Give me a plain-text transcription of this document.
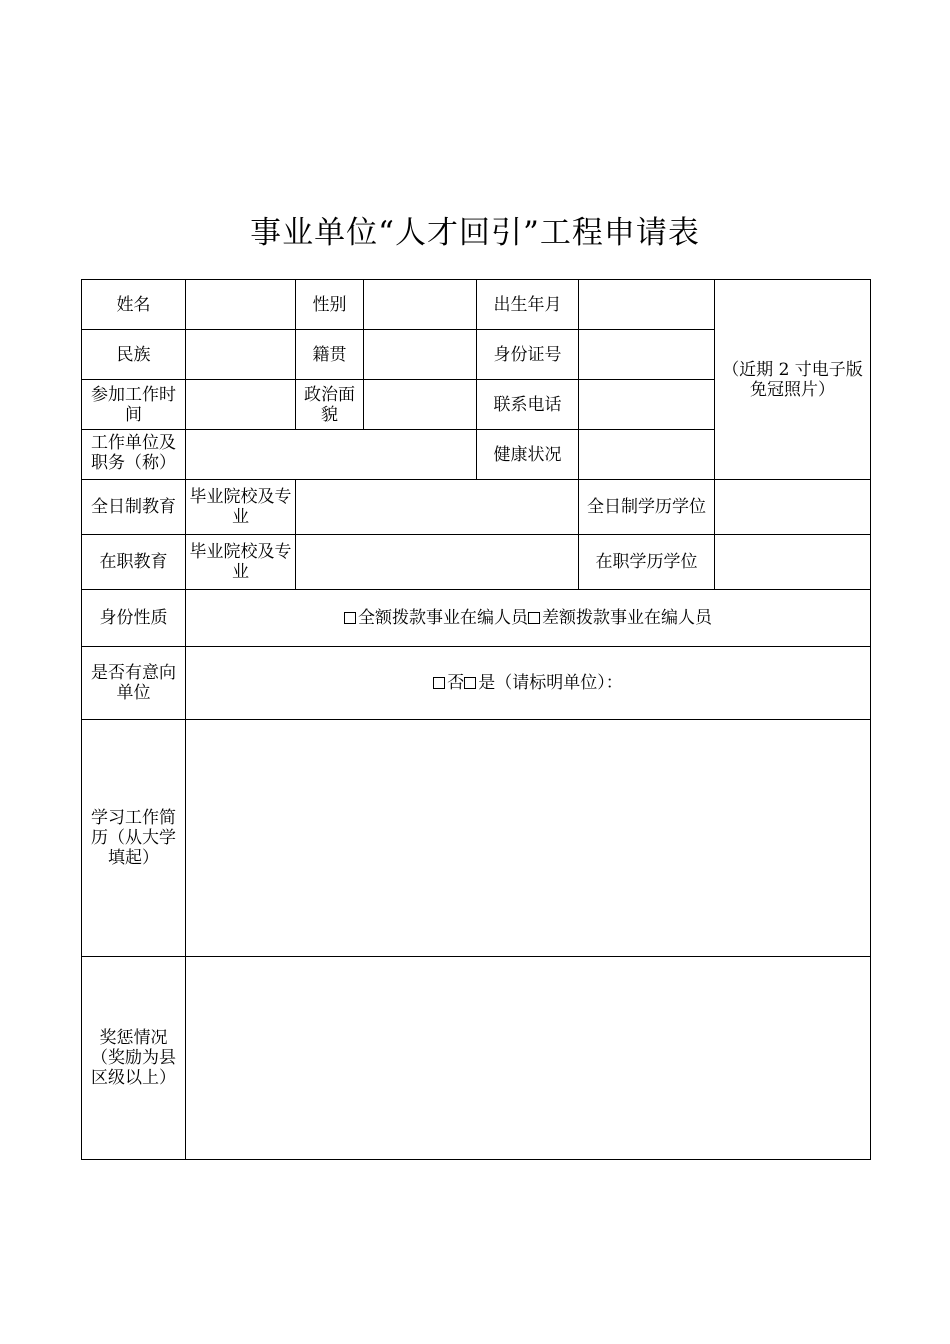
事业单位“人才回引”工程申请表
姓名		性别		出生年月		（近期 2 寸电子版免冠照片）
民族		籍贯		身份证号		
参加工作时间		政治面貌		联系电话		

工作单位及职务（称）				健康状况		
全日制教育	毕业院校及专业				全日制学历学位	
在职教育	毕业院校及专业				在职学历学位	
身份性质	全额拨款事业在编人员 差额拨款事业在编人员					
是否有意向单位	否 是（请标明单位）：					
学习工作简历（从大学填起）						
奖惩情况（奖励为县区级以上）						
